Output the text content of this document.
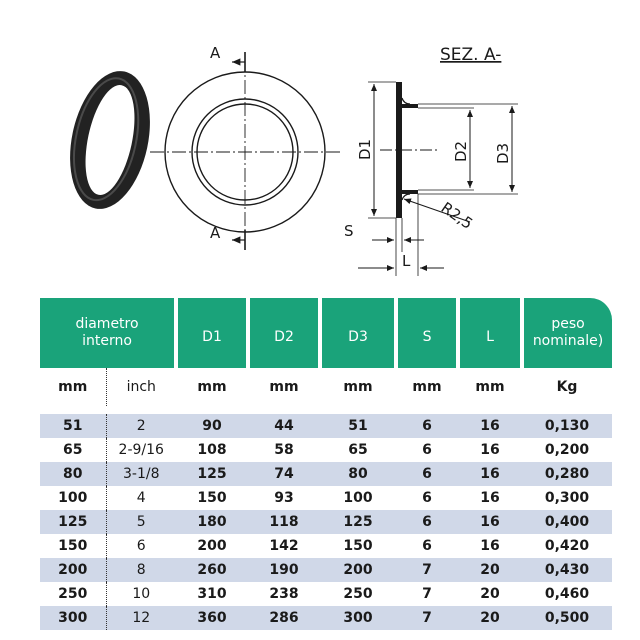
A
A
SEZ. A-
D1	D2 D3
R2,5
S
L
diametro
interno		D1	D2	D3	S	L	peso
nominale)
mm	inch	mm	mm	mm	mm	mm	Kg

51	2	90	44	51	6	16	0,130
65	2-9/16	108	58	65	6	16	0,200
80	3-1/8	125	74	80	6	16	0,280
100	4	150	93	100	6	16	0,300
125	5	180	118	125	6	16	0,400
150	6	200	142	150	6	16	0,420
200	8	260	190	200	7	20	0,430
250	10	310	238	250	7	20	0,460
300	12	360	286	300	7	20	0,500
